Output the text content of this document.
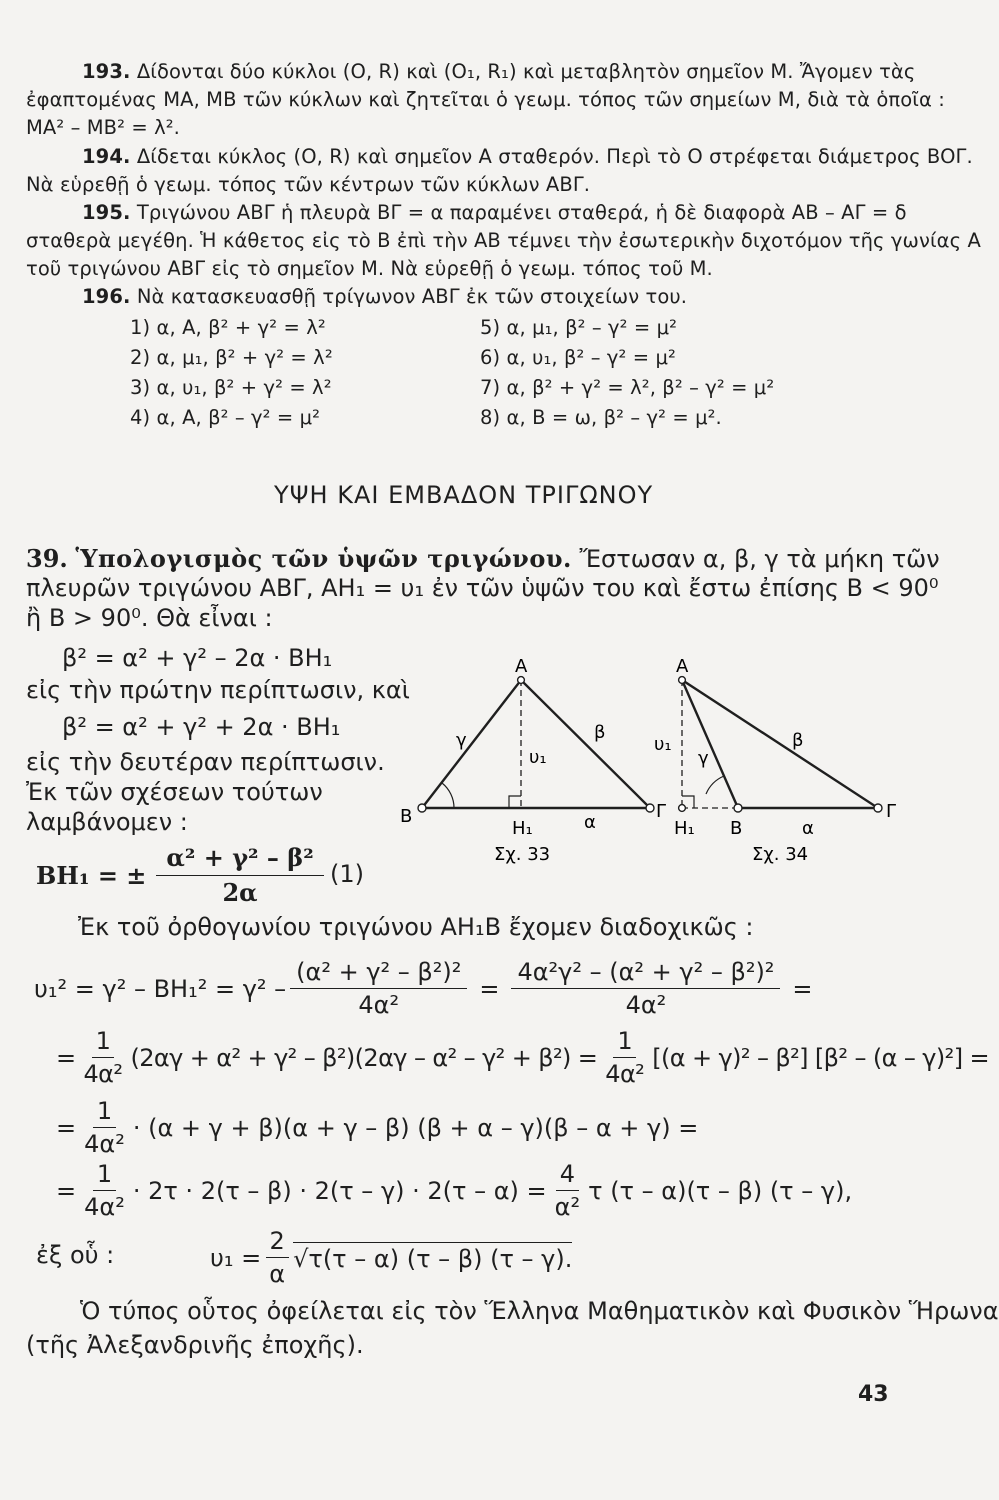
193. Δίδονται δύο κύκλοι (O, R) καὶ (O₁, R₁) καὶ μεταβλητὸν σημεῖον M. Ἄγομεν τὰς
ἐφαπτομένας MA, MB τῶν κύκλων καὶ ζητεῖται ὁ γεωμ. τόπος τῶν σημείων M, διὰ τὰ ὁποῖα :
MA² – MB² = λ².
194. Δίδεται κύκλος (O, R) καὶ σημεῖον A σταθερόν. Περὶ τὸ O στρέφεται διάμετρος BOΓ.
Νὰ εὑρεθῇ ὁ γεωμ. τόπος τῶν κέντρων τῶν κύκλων ABΓ.
195. Τριγώνου ABΓ ἡ πλευρὰ BΓ = α παραμένει σταθερά, ἡ δὲ διαφορὰ AB – AΓ = δ
σταθερὰ μεγέθη. Ἡ κάθετος εἰς τὸ B ἐπὶ τὴν AB τέμνει τὴν ἐσωτερικὴν διχοτόμον τῆς γωνίας A
τοῦ τριγώνου ABΓ εἰς τὸ σημεῖον M. Νὰ εὑρεθῇ ὁ γεωμ. τόπος τοῦ M.
196. Νὰ κατασκευασθῇ τρίγωνον ABΓ ἐκ τῶν στοιχείων του.
1) α, A, β² + γ² = λ²
2) α, μ₁, β² + γ² = λ²
3) α, υ₁, β² + γ² = λ²
4) α, A, β² – γ² = μ²
5) α, μ₁, β² – γ² = μ²
6) α, υ₁, β² – γ² = μ²
7) α, β² + γ² = λ², β² – γ² = μ²
8) α, B = ω, β² – γ² = μ².
ΥΨΗ ΚΑΙ ΕΜΒΑΔΟΝ ΤΡΙΓΩΝΟΥ
39. Ὑπολογισμὸς τῶν ὑψῶν τριγώνου. Ἔστωσαν α, β, γ τὰ μήκη τῶν
πλευρῶν τριγώνου ABΓ, AH₁ = υ₁ ἐν τῶν ὑψῶν του καὶ ἔστω ἐπίσης B < 90⁰
ἢ B > 90⁰. Θὰ εἶναι :
β² = α² + γ² – 2α · BH₁
εἰς τὴν πρώτην περίπτωσιν, καὶ
β² = α² + γ² + 2α · BH₁
εἰς τὴν δευτέραν περίπτωσιν.
Ἐκ τῶν σχέσεων τούτων
λαμβάνομεν :
BH₁ = ± $\frac{\text{α² + γ² – β²}}{2\alpha} (1)$
A
B	Γ
H₁	α
β
γ
υ₁
Σχ. 33
A
H₁ B
Γ
α
β
γ
υ₁
Σχ. 34
Ἐκ τοῦ ὀρθογωνίου τριγώνου AH₁B ἔχομεν διαδοχικῶς :
$\upsilon_1^2 = \gamma^2 - BH_1^2 = \gamma^2 - \frac{\text{(α² + γ² – β²)²}}{\text{4α²}} = \frac{\text{4α²γ² – (α² + γ² – β²)²}}{\text{4α²}}$ =
= $\frac{1}{\text{4α²}} (2\alpha\gamma + \alpha^2 + \gamma^2 - \beta^2)(2\alpha\gamma - \alpha^2 - \gamma^2 + \beta^2) = \frac{1}{\text{4α²}} [(\alpha + \gamma)^2 - \beta^2]$ [β² – (α – γ)²] =
= $\frac{1}{\text{4α²}} \cdot (\alpha + \gamma + \beta)(\alpha + \gamma - \beta) (\beta + \alpha - \gamma)(\beta - \alpha + \gamma)$ =
= $\frac{1}{\text{4α²}} \cdot 2\tau \cdot 2(\tau - \beta) \cdot 2(\tau - \gamma) \cdot 2(\tau - \alpha) = \frac{4}{\text{α²}}$ τ (τ – α)(τ – β) (τ – γ),
ἐξ οὗ :	$\upsilon_1 = \frac{2}{\alpha} √\tau(\tau - \alpha)$ (τ – β) (τ – γ).
Ὁ τύπος οὗτος ὀφείλεται εἰς τὸν Ἕλληνα Μαθηματικὸν καὶ Φυσικὸν Ἥρωνα
(τῆς Ἀλεξανδρινῆς ἐποχῆς).
43
